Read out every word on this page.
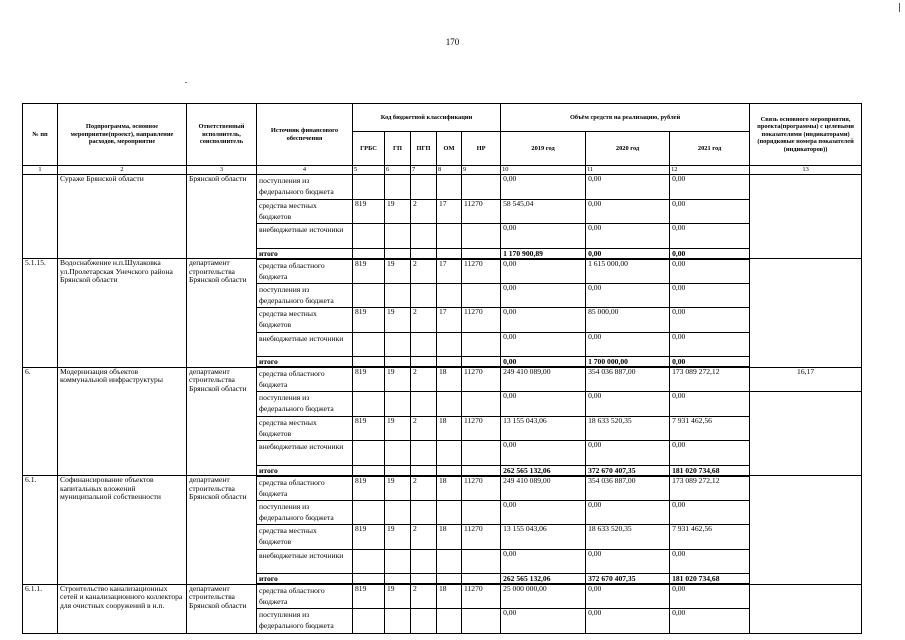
170
№ пп	Подпрограмма, основное мероприятие(проект), направление расходов, мероприятие	Ответственный исполнитель, соисполнитель	Источник финансового обеспечения	Код бюджетной классификации					Объём средств на реализацию, рублей			Связь основного мероприятия, проекта(программы) с целевыми показателями (индикаторами) (порядковые номера показателей (индикаторов))
				ГРБС	ГП	ПГП	ОМ	НР	2019 год	2020 год	2021 год	
1	2	3	4	5	6	7	8	9	10	11	12	13
	Сураже Брянской области	Брянской области	поступления из федерального бюджета						0,00	0,00	0,00	
			средства местных бюджетов	819	19	2	17	11270	58 545,04	0,00	0,00	
			внебюджетные источники						0,00	0,00	0,00	
			итого						1 170 900,89	0,00	0,00	
5.1.15.	Водоснабжение н.п.Шулаковка ул.Пролетарская Унечского района Брянской области	департамент строительства Брянской области	средства областного бюджета	819	19	2	17	11270	0,00	1 615 000,00	0,00	
			поступления из федерального бюджета						0,00	0,00	0,00	
			средства местных бюджетов	819	19	2	17	11270	0,00	85 000,00	0,00	
			внебюджетные источники						0,00	0,00	0,00	
			итого						0,00	1 700 000,00	0,00	
6.	Модернизация объектов коммунальной инфраструктуры	департамент строительства Брянской области	средства областного бюджета	819	19	2	18	11270	249 410 089,00	354 036 887,00	173 089 272,12	16,17
			поступления из федерального бюджета						0,00	0,00	0,00	
			средства местных бюджетов	819	19	2	18	11270	13 155 043,06	18 633 520,35	7 931 462,56	
			внебюджетные источники						0,00	0,00	0,00	
			итого						262 565 132,06	372 670 407,35	181 020 734,68	
6.1.	Софинансирование объектов капитальных вложений муниципальной собственности	департамент строительства Брянской области	средства областного бюджета	819	19	2	18	11270	249 410 089,00	354 036 887,00	173 089 272,12	
			поступления из федерального бюджета						0,00	0,00	0,00	
			средства местных бюджетов	819	19	2	18	11270	13 155 043,06	18 633 520,35	7 931 462,56	
			внебюджетные источники						0,00	0,00	0,00	
			итого						262 565 132,06	372 670 407,35	181 020 734,68	
6.1.1.	Строительство канализационных сетей и канализационного коллектора для очистных сооружений в н.п.	департамент строительства Брянской области	средства областного бюджета	819	19	2	18	11270	25 000 000,00	0,00	0,00	
			поступления из федерального бюджета						0,00	0,00	0,00	
